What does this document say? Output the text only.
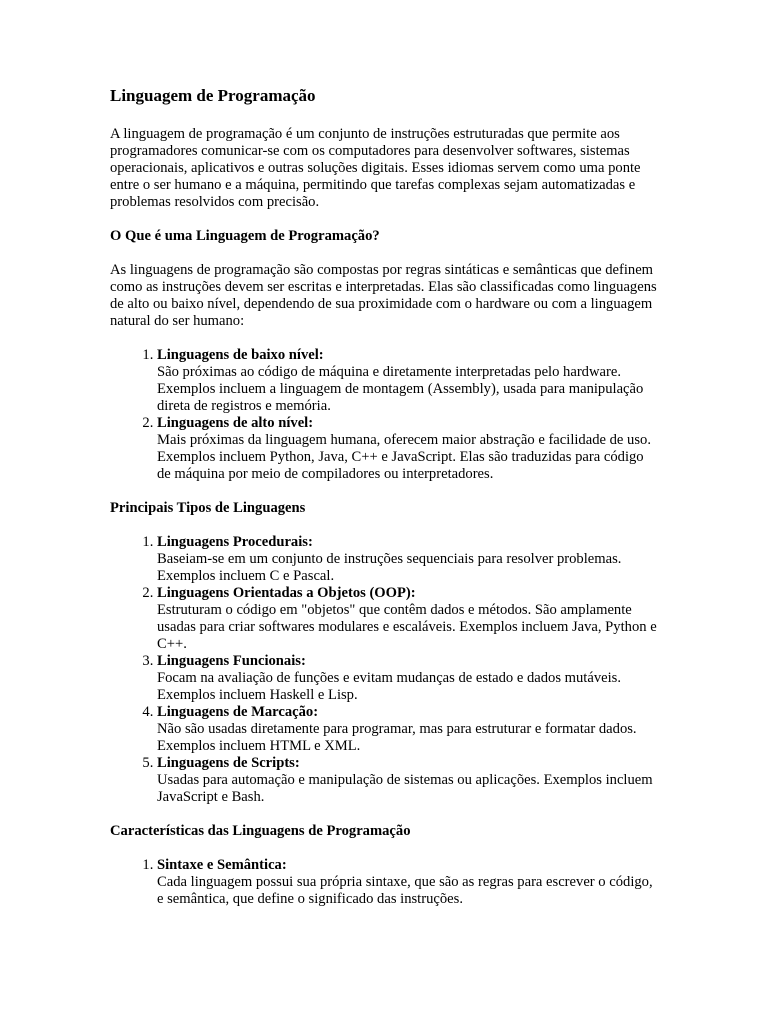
Linguagem de Programação

A linguagem de programação é um conjunto de instruções estruturadas que permite aos programadores comunicar-se com os computadores para desenvolver softwares, sistemas operacionais, aplicativos e outras soluções digitais. Esses idiomas servem como uma ponte entre o ser humano e a máquina, permitindo que tarefas complexas sejam automatizadas e problemas resolvidos com precisão.

O Que é uma Linguagem de Programação?

As linguagens de programação são compostas por regras sintáticas e semânticas que definem como as instruções devem ser escritas e interpretadas. Elas são classificadas como linguagens de alto ou baixo nível, dependendo de sua proximidade com o hardware ou com a linguagem natural do ser humano:

1. Linguagens de baixo nível:
São próximas ao código de máquina e diretamente interpretadas pelo hardware. Exemplos incluem a linguagem de montagem (Assembly), usada para manipulação direta de registros e memória.
2. Linguagens de alto nível:
Mais próximas da linguagem humana, oferecem maior abstração e facilidade de uso. Exemplos incluem Python, Java, C++ e JavaScript. Elas são traduzidas para código de máquina por meio de compiladores ou interpretadores.
Principais Tipos de Linguagens
1. Linguagens Procedurais:
Baseiam-se em um conjunto de instruções sequenciais para resolver problemas. Exemplos incluem C e Pascal.
2. Linguagens Orientadas a Objetos (OOP):
Estruturam o código em "objetos" que contêm dados e métodos. São amplamente usadas para criar softwares modulares e escaláveis. Exemplos incluem Java, Python e C++.
3. Linguagens Funcionais:
Focam na avaliação de funções e evitam mudanças de estado e dados mutáveis. Exemplos incluem Haskell e Lisp.
4. Linguagens de Marcação:
Não são usadas diretamente para programar, mas para estruturar e formatar dados. Exemplos incluem HTML e XML.
5. Linguagens de Scripts:
Usadas para automação e manipulação de sistemas ou aplicações. Exemplos incluem JavaScript e Bash.
Características das Linguagens de Programação
1. Sintaxe e Semântica:
Cada linguagem possui sua própria sintaxe, que são as regras para escrever o código, e semântica, que define o significado das instruções.
